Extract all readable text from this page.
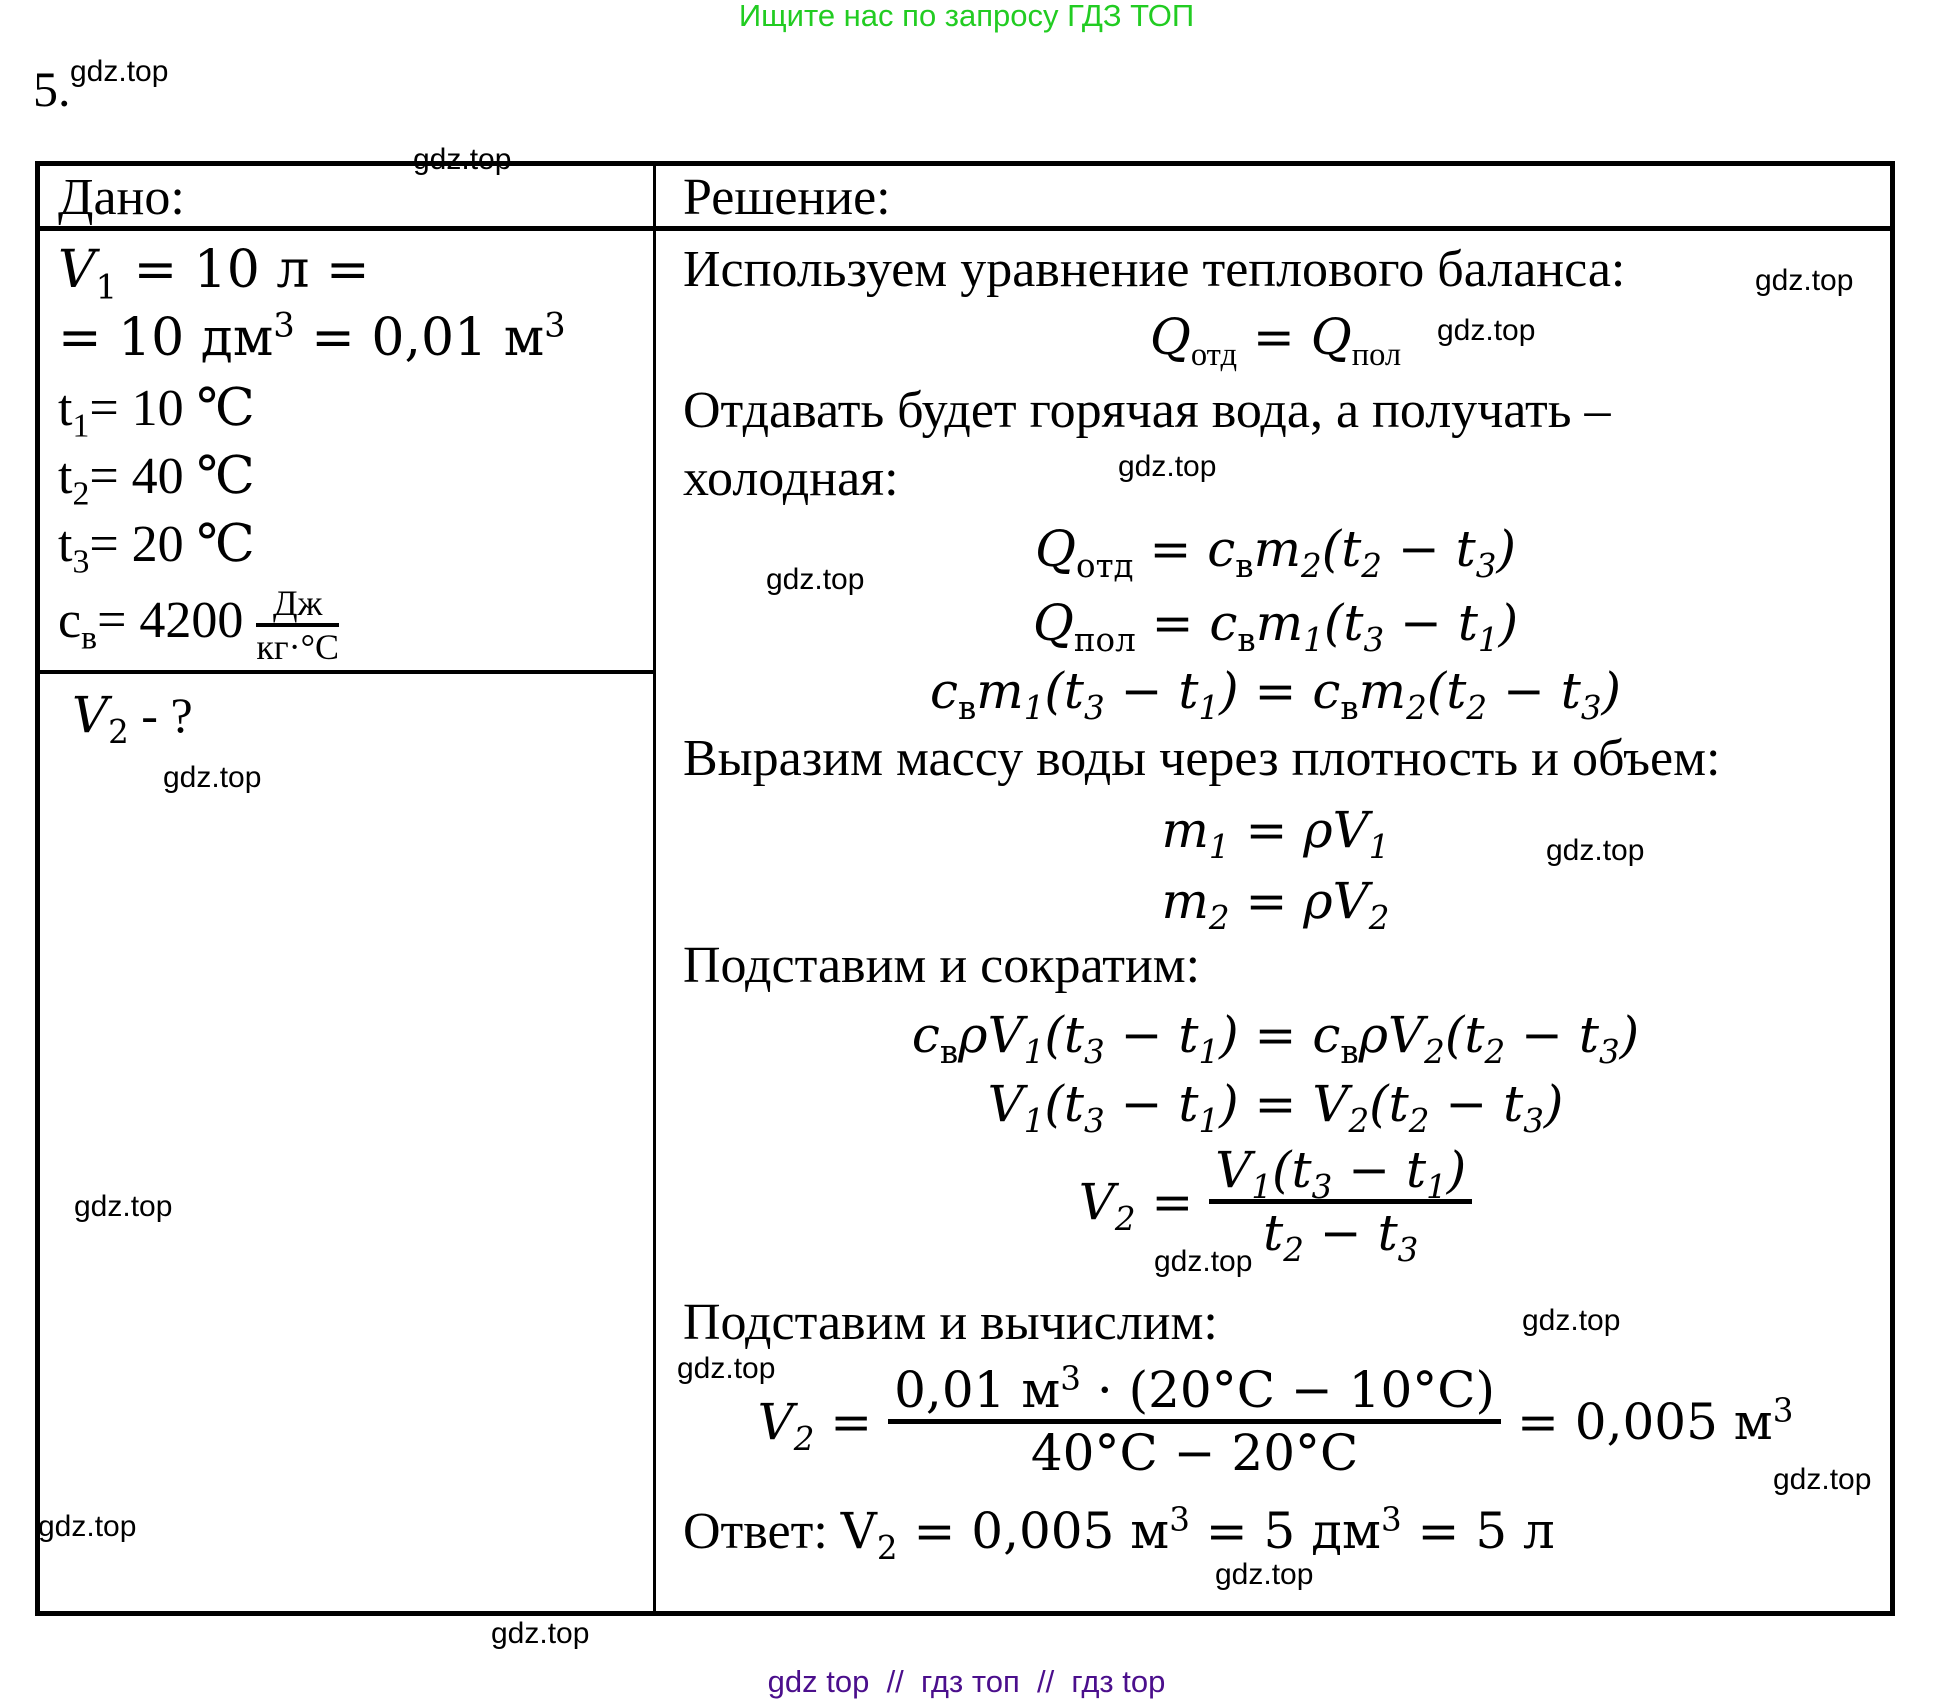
Ищите нас по запросу ГДЗ ТОП
5.
Дано:	Решение:
$V_1 = 10$ л =
= 10 $дм^3 = 0,01$ $м^3$
$t_1= 10$ ℃
$t_2= 40$ ℃
$t_3= 20$ ℃
$c_в= 4200$ Дж
кг·°C
$V_2$ - ?
Используем уравнение теплового баланса:
$Q_{отд} = Q_{пол}$
Отдавать будет горячая вода, а получать –
холодная:
$Q_{отд} = c_вm_2(t_2 - t_3)$
$Q_{пол} = c_вm_1(t_3 - t_1)$
$c_вm_1(t_3 - t_1) = c_вm_2(t_2 - t_3)$
Выразим массу воды через плотность и объем:
$m_1 = \rho V_1$
$m_2 = \rho V_2$
Подставим и сократим:
$c_в\rho V_1(t_3 - t_1) = c_в\rho V_2(t_2 - t_3)$
$V_1(t_3 - t_1) = V_2(t_2 - t_3)$
$V_2$ =
$V_1(t_3 - t_1)$
$t_2 - t_3$
Подставим и вычислим:
$V_2$ =
0,01 $м^3 \cdot (20^\circ C - 10^\circ C)$
40°C − 20°C
= 0,005 $м^3$
Ответ: $V_2 = 0,005$ $м^3 = 5$ $дм^3 = 5$ л
gdz.top
gdz.top
gdz.top
gdz.top
gdz.top
gdz.top
gdz.top
gdz.top
gdz.top
gdz.top
gdz.top
gdz.top
gdz.top
gdz.top
gdz.top
gdz.top
gdz top  //  гдз топ  //  гдз top
